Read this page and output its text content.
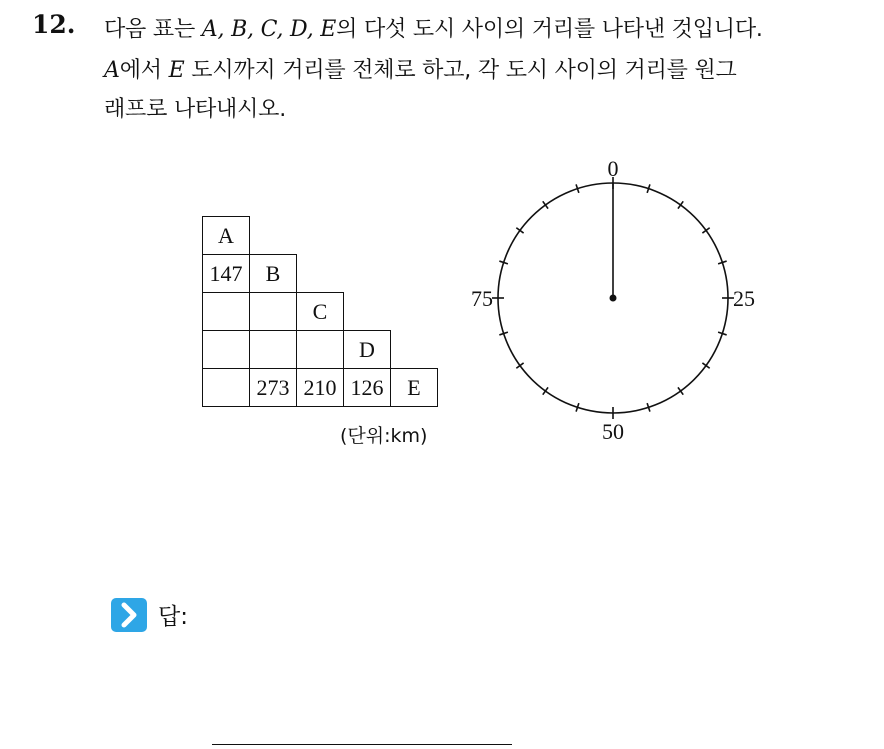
12. 다음 표는 A, B, C, D, E의 다섯 도시 사이의 거리를 나타낸 것입니다.
A에서 E 도시까지 거리를 전체로 하고, 각 도시 사이의 거리를 원그
래프로 나타내시오.
A				
147	B			
		C		
			D	
	273	210	126	E
(단위:km)
0
25
50
75
답:
